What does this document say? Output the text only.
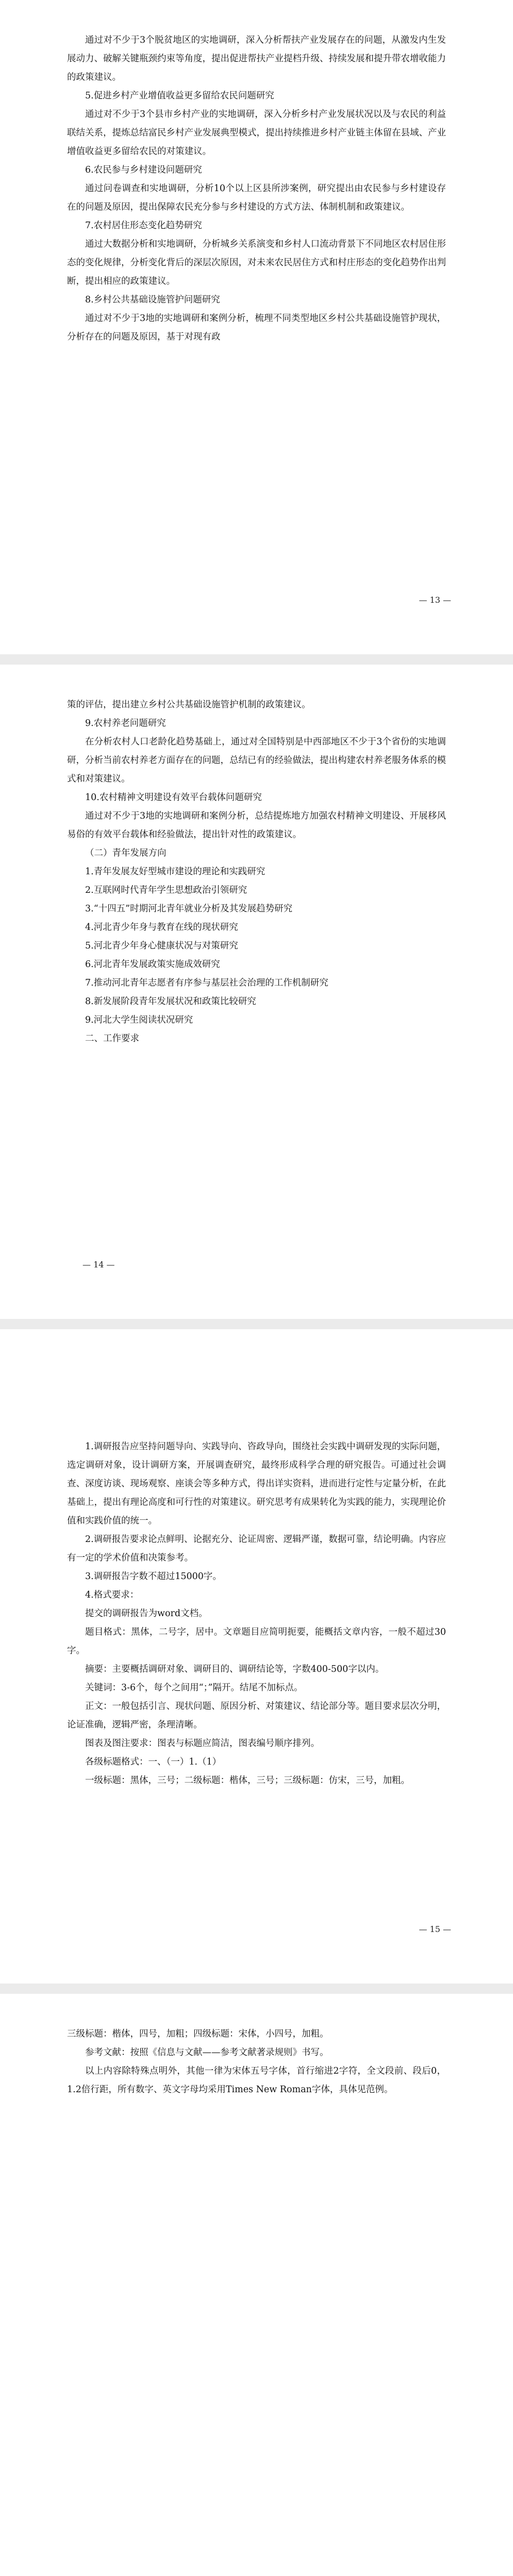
通过对不少于3个脱贫地区的实地调研，深入分析帮扶产业发展存在的问题，从激发内生发展动力、破解关键瓶颈约束等角度，提出促进帮扶产业提档升级、持续发展和提升带农增收能力的政策建议。

5.促进乡村产业增值收益更多留给农民问题研究

通过对不少于3个县市乡村产业的实地调研，深入分析乡村产业发展状况以及与农民的利益联结关系，提炼总结富民乡村产业发展典型模式，提出持续推进乡村产业链主体留在县域、产业增值收益更多留给农民的对策建议。

6.农民参与乡村建设问题研究

通过问卷调查和实地调研，分析10个以上区县所涉案例，研究提出由农民参与乡村建设存在的问题及原因，提出保障农民充分参与乡村建设的方式方法、体制机制和政策建议。

7.农村居住形态变化趋势研究

通过大数据分析和实地调研，分析城乡关系演变和乡村人口流动背景下不同地区农村居住形态的变化规律，分析变化背后的深层次原因，对未来农民居住方式和村庄形态的变化趋势作出判断，提出相应的政策建议。

8.乡村公共基础设施管护问题研究

通过对不少于3地的实地调研和案例分析，梳理不同类型地区乡村公共基础设施管护现状，分析存在的问题及原因，基于对现有政

— 13 —

策的评估，提出建立乡村公共基础设施管护机制的政策建议。

9.农村养老问题研究

在分析农村人口老龄化趋势基础上，通过对全国特别是中西部地区不少于3个省份的实地调研，分析当前农村养老方面存在的问题，总结已有的经验做法，提出构建农村养老服务体系的模式和对策建议。

10.农村精神文明建设有效平台载体问题研究

通过对不少于3地的实地调研和案例分析，总结提炼地方加强农村精神文明建设、开展移风易俗的有效平台载体和经验做法，提出针对性的政策建议。

（二）青年发展方向

1.青年发展友好型城市建设的理论和实践研究

2.互联网时代青年学生思想政治引领研究

3.“十四五”时期河北青年就业分析及其发展趋势研究

4.河北青少年身与教育在线的现状研究

5.河北青少年身心健康状况与对策研究

6.河北青年发展政策实施成效研究

7.推动河北青年志愿者有序参与基层社会治理的工作机制研究

8.新发展阶段青年发展状况和政策比较研究

9.河北大学生阅读状况研究

二、工作要求

— 14 —

1.调研报告应坚持问题导向、实践导向、咨政导向，围绕社会实践中调研发现的实际问题，选定调研对象，设计调研方案，开展调查研究，最终形成科学合理的研究报告。可通过社会调查、深度访谈、现场观察、座谈会等多种方式，得出详实资料，进而进行定性与定量分析，在此基础上，提出有理论高度和可行性的对策建议。研究思考有成果转化为实践的能力，实现理论价值和实践价值的统一。

2.调研报告要求论点鲜明、论据充分、论证周密、逻辑严谨，数据可靠，结论明确。内容应有一定的学术价值和决策参考。

3.调研报告字数不超过15000字。

4.格式要求：

提交的调研报告为word文档。

题目格式：黑体，二号字，居中。文章题目应简明扼要，能概括文章内容，一般不超过30字。

摘要：主要概括调研对象、调研目的、调研结论等，字数400-500字以内。

关键词：3-6个，每个之间用“；”隔开。结尾不加标点。

正文：一般包括引言、现状问题、原因分析、对策建议、结论部分等。题目要求层次分明，论证准确，逻辑严密，条理清晰。

图表及图注要求：图表与标题应简洁，图表编号顺序排列。

各级标题格式：一、（一）1.（1）

一级标题：黑体，三号；二级标题：楷体，三号；三级标题：仿宋，三号，加粗。

— 15 —

三级标题：楷体，四号，加粗；四级标题：宋体，小四号，加粗。

参考文献：按照《信息与文献——参考文献著录规则》书写。

以上内容除特殊点明外，其他一律为宋体五号字体，首行缩进2字符，全文段前、段后0，1.2倍行距，所有数字、英文字母均采用Times New Roman字体，具体见范例。
